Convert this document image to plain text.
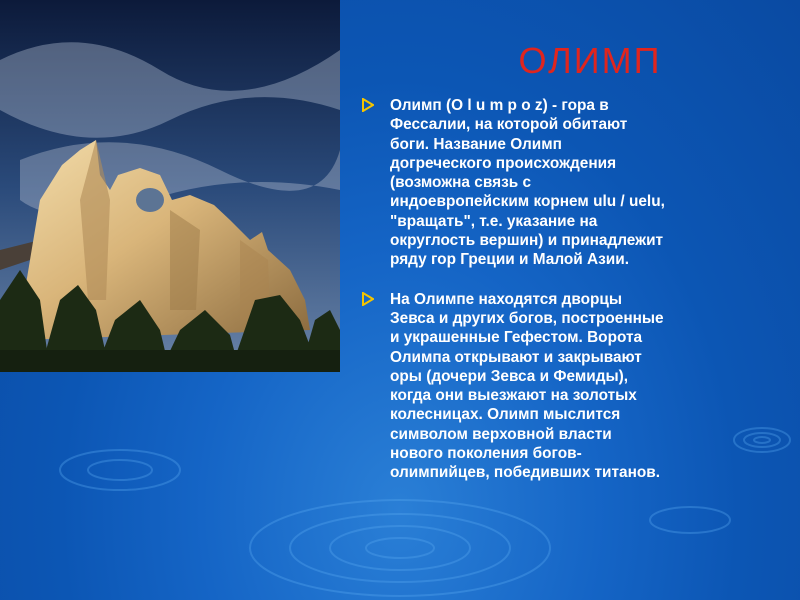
ОЛИМП
Олимп (O l u m p o z) - гора в
Фессалии, на которой обитают
боги. Название Олимп
догреческого происхождения
(возможна связь с
индоевропейским корнем ulu / uelu,
"вращать", т.е. указание на
округлость вершин) и принадлежит
ряду гор Греции и Малой Азии.
На Олимпе находятся дворцы
Зевса и других богов, построенные
и украшенные Гефестом. Ворота
Олимпа открывают и закрывают
оры (дочери Зевса и Фемиды),
когда они выезжают на золотых
колесницах. Олимп мыслится
символом верховной власти
нового поколения богов-
олимпийцев, победивших титанов.
